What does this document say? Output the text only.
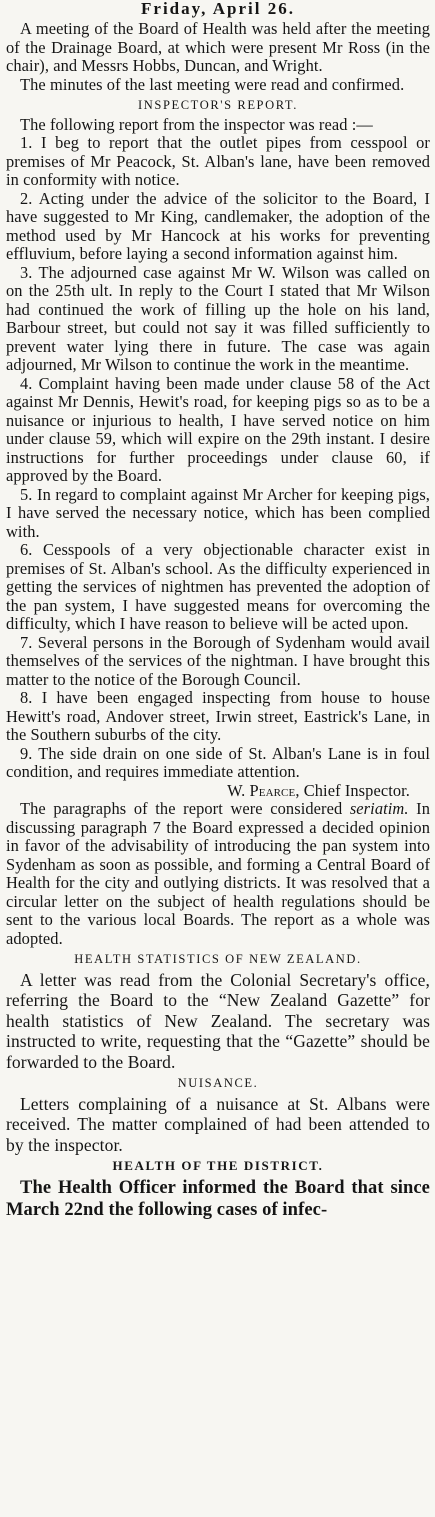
Friday, April 26.

A meeting of the Board of Health was held after the meeting of the Drainage Board, at which were present Mr Ross (in the chair), and Messrs Hobbs, Duncan, and Wright.

The minutes of the last meeting were read and confirmed.

INSPECTOR'S REPORT.

The following report from the inspector was read :—

1. I beg to report that the outlet pipes from cesspool or premises of Mr Peacock, St. Alban's lane, have been removed in conformity with notice.

2. Acting under the advice of the solicitor to the Board, I have suggested to Mr King, candlemaker, the adoption of the method used by Mr Hancock at his works for preventing effluvium, before laying a second information against him.

3. The adjourned case against Mr W. Wilson was called on on the 25th ult. In reply to the Court I stated that Mr Wilson had continued the work of filling up the hole on his land, Barbour street, but could not say it was filled sufficiently to prevent water lying there in future. The case was again adjourned, Mr Wilson to continue the work in the meantime.

4. Complaint having been made under clause 58 of the Act against Mr Dennis, Hewit's road, for keeping pigs so as to be a nuisance or injurious to health, I have served notice on him under clause 59, which will expire on the 29th instant. I desire instructions for further proceedings under clause 60, if approved by the Board.

5. In regard to complaint against Mr Archer for keeping pigs, I have served the necessary notice, which has been complied with.

6. Cesspools of a very objectionable character exist in premises of St. Alban's school. As the difficulty experienced in getting the services of nightmen has prevented the adoption of the pan system, I have suggested means for overcoming the difficulty, which I have reason to believe will be acted upon.

7. Several persons in the Borough of Sydenham would avail themselves of the services of the nightman. I have brought this matter to the notice of the Borough Council.

8. I have been engaged inspecting from house to house Hewitt's road, Andover street, Irwin street, Eastrick's Lane, in the Southern suburbs of the city.

9. The side drain on one side of St. Alban's Lane is in foul condition, and requires immediate attention.

W. Pearce, Chief Inspector.

The paragraphs of the report were considered seriatim. In discussing paragraph 7 the Board expressed a decided opinion in favor of the advisability of introducing the pan system into Sydenham as soon as possible, and forming a Central Board of Health for the city and outlying districts. It was resolved that a circular letter on the subject of health regulations should be sent to the various local Boards. The report as a whole was adopted.

HEALTH STATISTICS OF NEW ZEALAND.

A letter was read from the Colonial Secretary's office, referring the Board to the “New Zealand Gazette” for health statistics of New Zealand. The secretary was instructed to write, requesting that the “Gazette” should be forwarded to the Board.

NUISANCE.

Letters complaining of a nuisance at St. Albans were received. The matter complained of had been attended to by the inspector.

HEALTH OF THE DISTRICT.

The Health Officer informed the Board that since March 22nd the following cases of infec-
